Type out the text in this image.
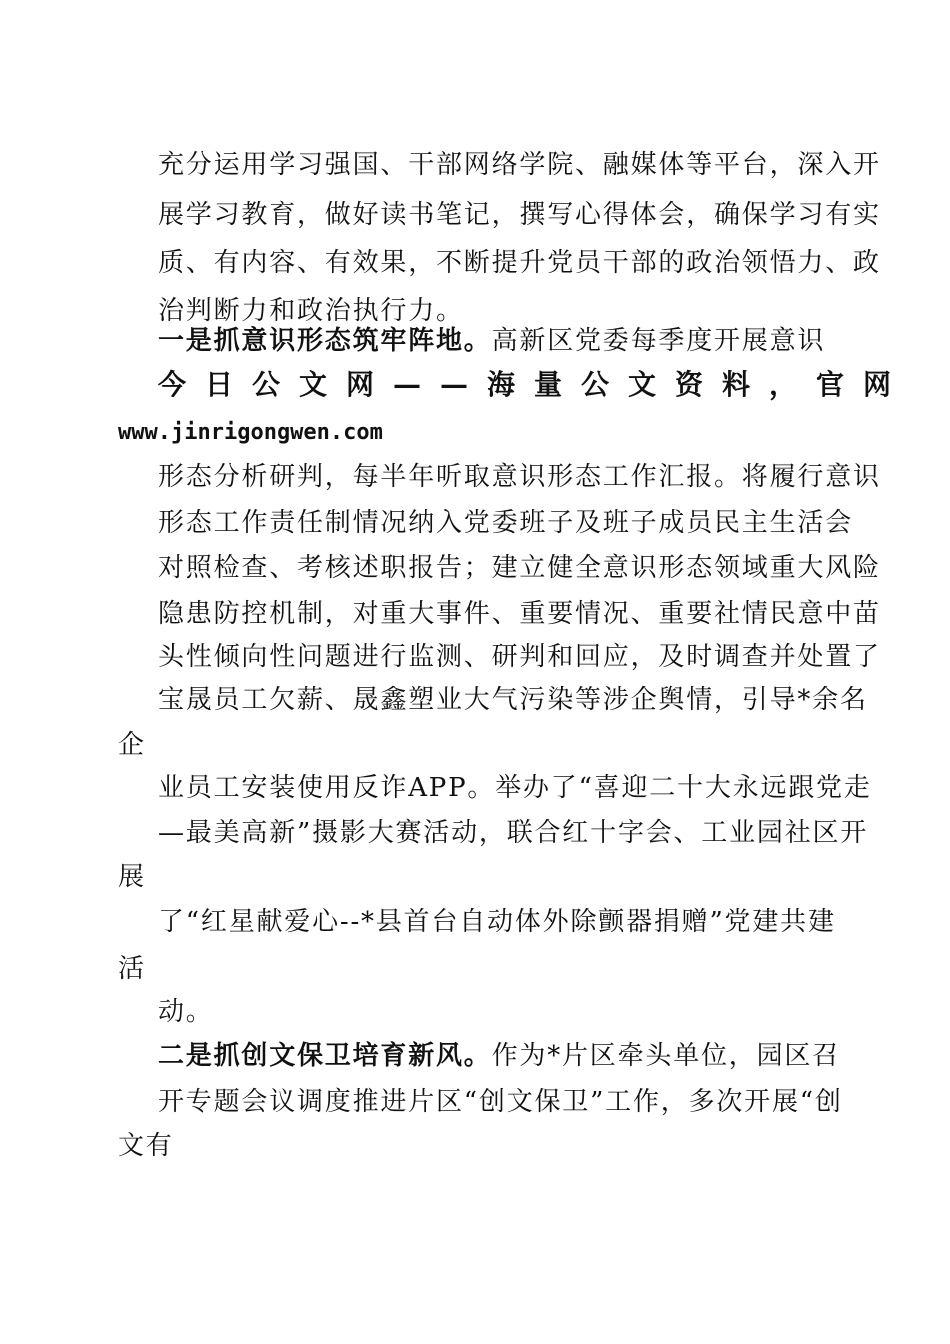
充分运用学习强国、干部网络学院、融媒体等平台，深入开
展学习教育，做好读书笔记，撰写心得体会，确保学习有实
质、有内容、有效果，不断提升党员干部的政治领悟力、政
治判断力和政治执行力。
一是抓意识形态筑牢阵地。高新区党委每季度开展意识
今日公文网——海量公文资料，官网
www.jinrigongwen.com
形态分析研判，每半年听取意识形态工作汇报。将履行意识
形态工作责任制情况纳入党委班子及班子成员民主生活会
对照检查、考核述职报告；建立健全意识形态领域重大风险
隐患防控机制，对重大事件、重要情况、重要社情民意中苗
头性倾向性问题进行监测、研判和回应，及时调查并处置了
宝晟员工欠薪、晟鑫塑业大气污染等涉企舆情，引导*余名
企
业员工安装使用反诈APP。举办了“喜迎二十大永远跟党走
—最美高新”摄影大赛活动，联合红十字会、工业园社区开
展
了“红星献爱心--*县首台自动体外除颤器捐赠”党建共建
活
动。
二是抓创文保卫培育新风。作为*片区牵头单位，园区召
开专题会议调度推进片区“创文保卫”工作，多次开展“创
文有
